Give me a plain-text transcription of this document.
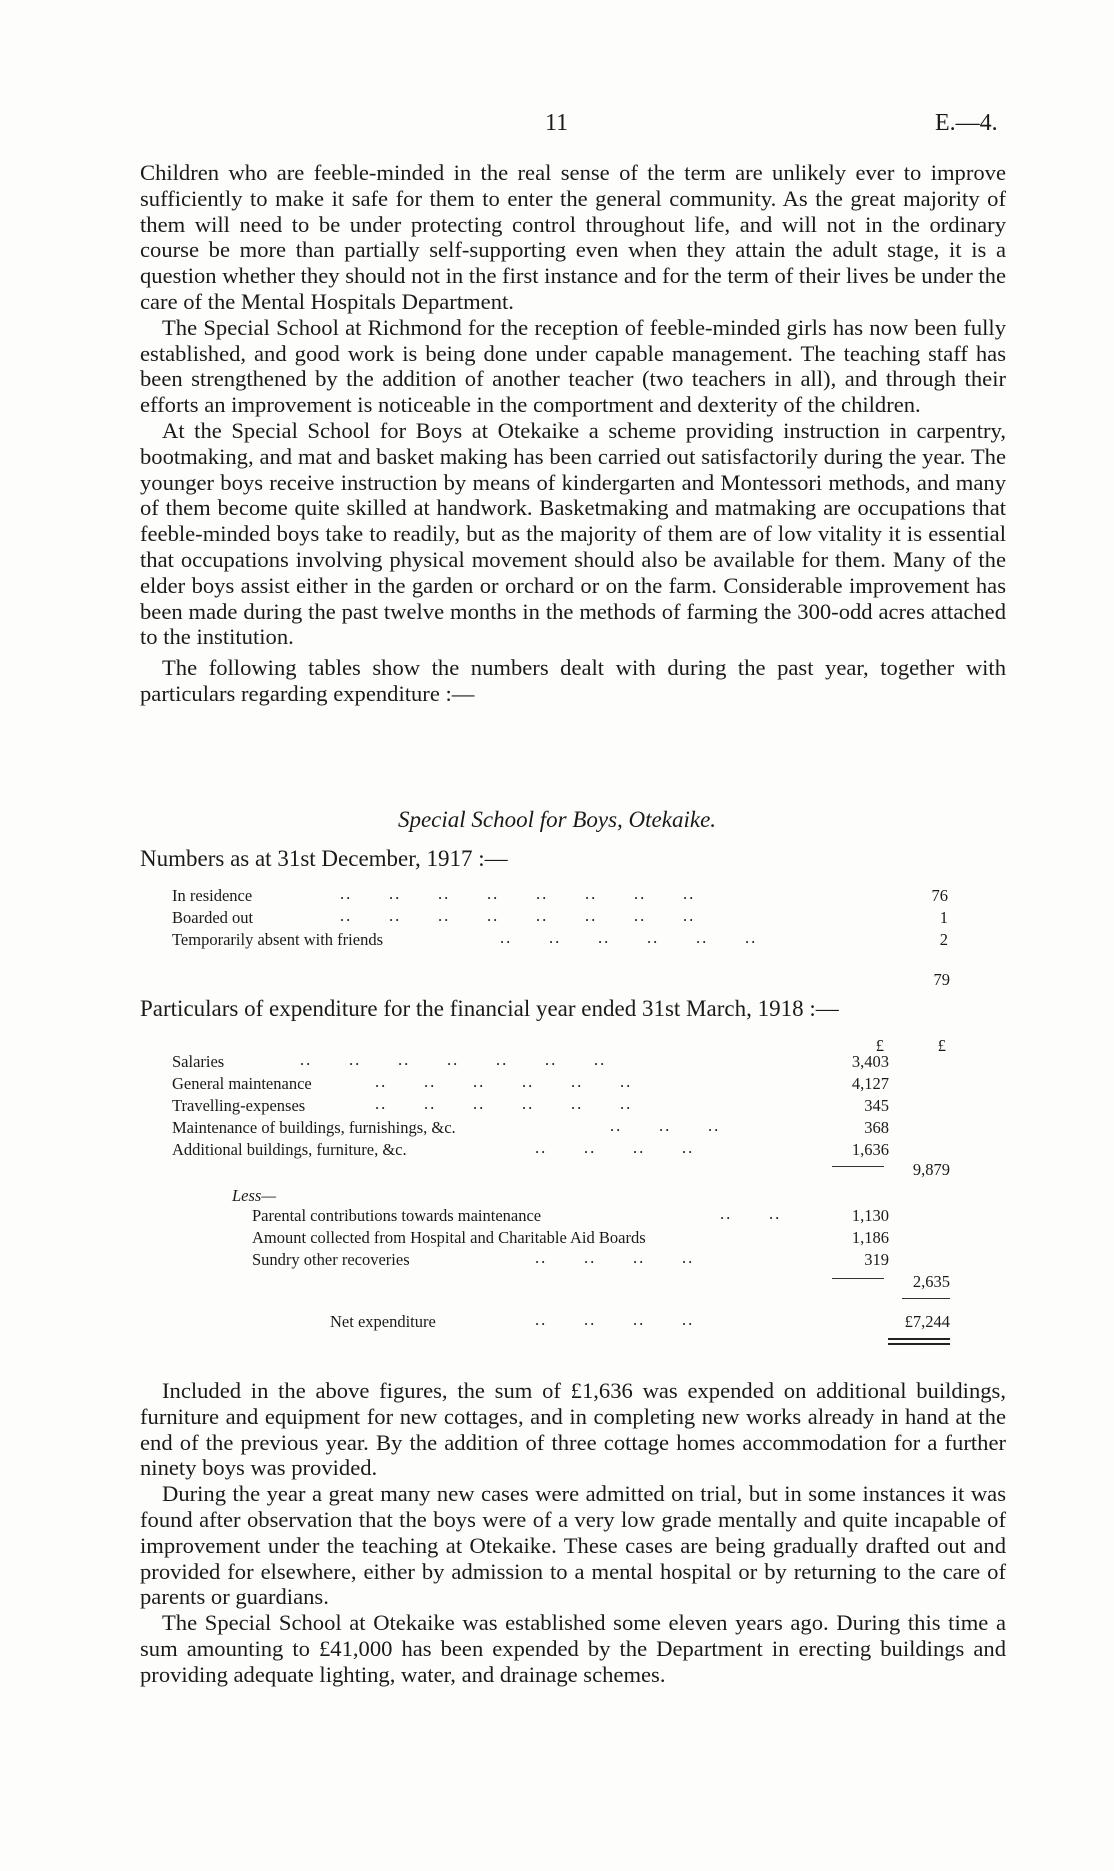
11	E.—4.

Children who are feeble-minded in the real sense of the term are unlikely ever to improve sufficiently to make it safe for them to enter the general community. As the great majority of them will need to be under protecting control throughout life, and will not in the ordinary course be more than partially self-supporting even when they attain the adult stage, it is a question whether they should not in the first instance and for the term of their lives be under the care of the Mental Hospitals Department.

The Special School at Richmond for the reception of feeble-minded girls has now been fully established, and good work is being done under capable management. The teaching staff has been strengthened by the addition of another teacher (two teachers in all), and through their efforts an improvement is noticeable in the comportment and dexterity of the children.

At the Special School for Boys at Otekaike a scheme providing instruction in carpentry, bootmaking, and mat and basket making has been carried out satisfactorily during the year. The younger boys receive instruction by means of kindergarten and Montessori methods, and many of them become quite skilled at handwork. Basketmaking and matmaking are occupations that feeble-minded boys take to readily, but as the majority of them are of low vitality it is essential that occupations involving physical movement should also be available for them. Many of the elder boys assist either in the garden or orchard or on the farm. Considerable improvement has been made during the past twelve months in the methods of farming the 300-odd acres attached to the institution.

The following tables show the numbers dealt with during the past year, together with particulars regarding expenditure :—

Special School for Boys, Otekaike.
Numbers as at 31st December, 1917 :—
In residence	..      ..      ..      ..      ..      ..      ..      ..	76
Boarded out	..      ..      ..      ..      ..      ..      ..      ..	1
Temporarily absent with friends	..      ..      ..      ..      ..      ..	2
79
Particulars of expenditure for the financial year ended 31st March, 1918 :—
£	£
Salaries	..      ..      ..      ..      ..      ..      ..	3,403
General maintenance	..      ..      ..      ..      ..      ..	4,127
Travelling-expenses	..      ..      ..      ..      ..      ..	345
Maintenance of buildings, furnishings, &c.	..      ..      ..	368
Additional buildings, furniture, &c.	..      ..      ..      ..	1,636
9,879
Less—
Parental contributions towards maintenance	..      ..	1,130
Amount collected from Hospital and Charitable Aid Boards	1,186
Sundry other recoveries	..      ..      ..      ..	319
2,635
Net expenditure	..      ..      ..      ..	£7,244

Included in the above figures, the sum of £1,636 was expended on additional buildings, furniture and equipment for new cottages, and in completing new works already in hand at the end of the previous year. By the addition of three cottage homes accommodation for a further ninety boys was provided.

During the year a great many new cases were admitted on trial, but in some instances it was found after observation that the boys were of a very low grade mentally and quite incapable of improvement under the teaching at Otekaike. These cases are being gradually drafted out and provided for elsewhere, either by admission to a mental hospital or by returning to the care of parents or guardians.

The Special School at Otekaike was established some eleven years ago. During this time a sum amounting to £41,000 has been expended by the Department in erecting buildings and providing adequate lighting, water, and drainage schemes.
